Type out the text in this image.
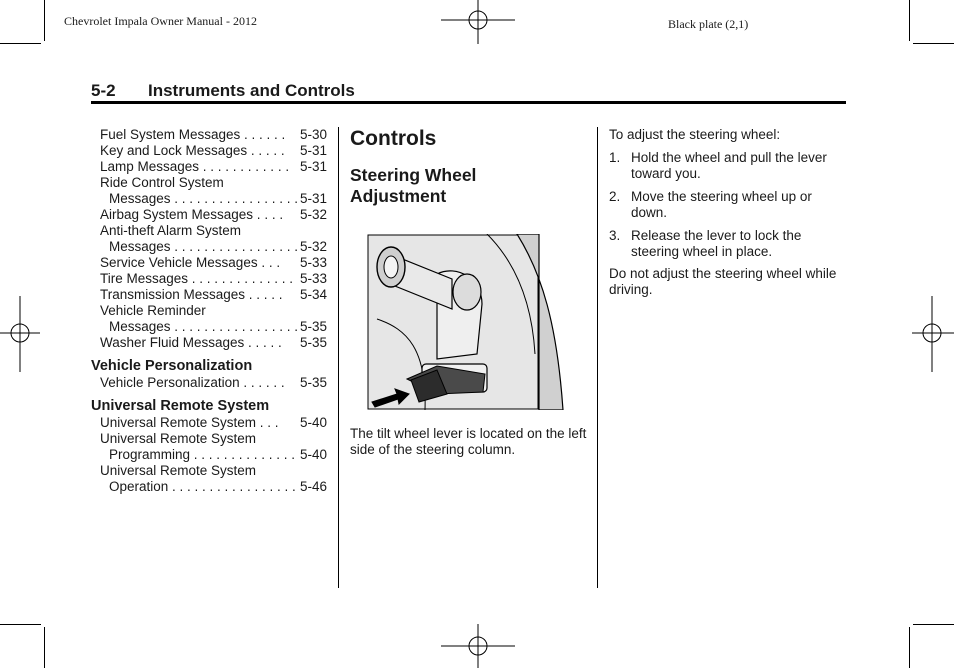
Chevrolet Impala Owner Manual - 2012	Black plate (2,1)
5-2 Instruments and Controls
Fuel System Messages . . . . . . 5-30
Key and Lock Messages . . . . . 5-31
Lamp Messages . . . . . . . . . . . . 5-31
Ride Control System
Messages . . . . . . . . . . . . . . . . . 5-31
Airbag System Messages . . . . 5-32
Anti-theft Alarm System
Messages . . . . . . . . . . . . . . . . . 5-32
Service Vehicle Messages . . . 5-33
Tire Messages . . . . . . . . . . . . . . 5-33
Transmission Messages . . . . . 5-34
Vehicle Reminder
Messages . . . . . . . . . . . . . . . . . 5-35
Washer Fluid Messages . . . . . 5-35
Vehicle Personalization
Vehicle Personalization . . . . . . 5-35
Universal Remote System
Universal Remote System . . . 5-40
Universal Remote System
Programming . . . . . . . . . . . . . . 5-40
Universal Remote System
Operation . . . . . . . . . . . . . . . . . 5-46
Controls
Steering Wheel Adjustment
The tilt wheel lever is located on the left side of the steering column.
To adjust the steering wheel:
1. Hold the wheel and pull the lever toward you.
2. Move the steering wheel up or down.
3. Release the lever to lock the steering wheel in place.
Do not adjust the steering wheel while driving.
